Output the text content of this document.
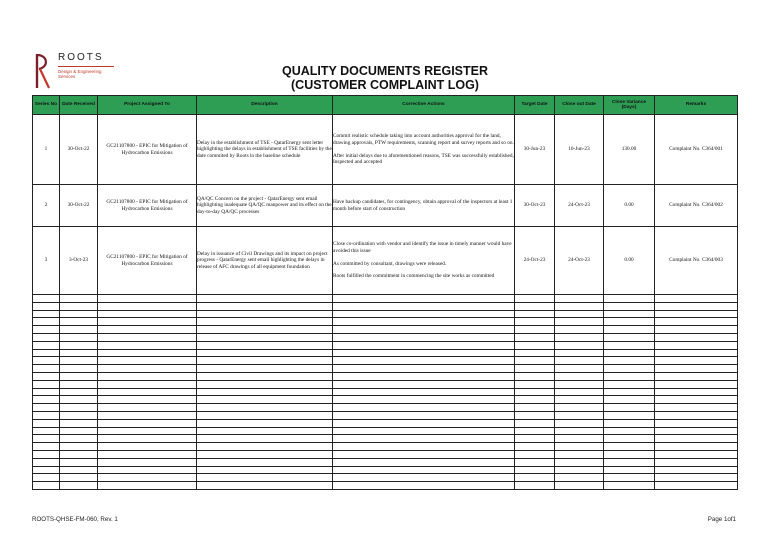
ROOTS
Design & Engineering Services	QUALITY DOCUMENTS REGISTER
(CUSTOMER COMPLAINT LOG)
Series No	Date Received	Project Assigned To	Description	Corrective Actions	Target Date	Close out Date	Close Variance (Days)	Remarks
1	30-Oct-22	GC21107800 - EPIC for Mitigation of Hydrocarbon Emissions	Delay in the establishment of TSE - QatarEnergy sent letter highlighting the delays in establishment of TSE facilities by the date commited by Roots in the baseline schedule	Commit realistic schedule taking into account authorities approval for the land, drawing approvals, PTW requirements, scanning report and survey reports and so on.

After initial delays due to aforementioned reasons, TSE was successfully established, Inspected and accepted	30-Jun-23	10-Jun-23	130.00	Complaint No. C364/001
2	30-Oct-22	GC21107800 - EPIC for Mitigation of Hydrocarbon Emissions	QA/QC Concern on the project - QatarEnergy sent email highlighting inadequate QA/QC manpower and its effect on the day-to-day QA/QC processes	Have backup candidates, for contingency, obtain approval of the inspectors at least 1 month before start of construction	30-Oct-23	24-Oct-23	0.00	Complaint No. C364/002
3	3-Oct-23	GC21107800 - EPIC for Mitigation of Hydrocarbon Emissions	Delay in issuance of Civil Drawings and its impact on project progress - QatarEnergy sent email highlighting the delays in release of AFC drawings of all equipment foundation	Close co-ordination with vendor and identify the issue in timely manner would have avoided this issue

As committed by consultant, drawings were released.

Roots fulfilled the commitment in commencing the site works as committed	24-Oct-23	24-Oct-23	0.00	Complaint No. C364/003

ROOTS-QHSE-FM-060, Rev. 1	Page 1of1
